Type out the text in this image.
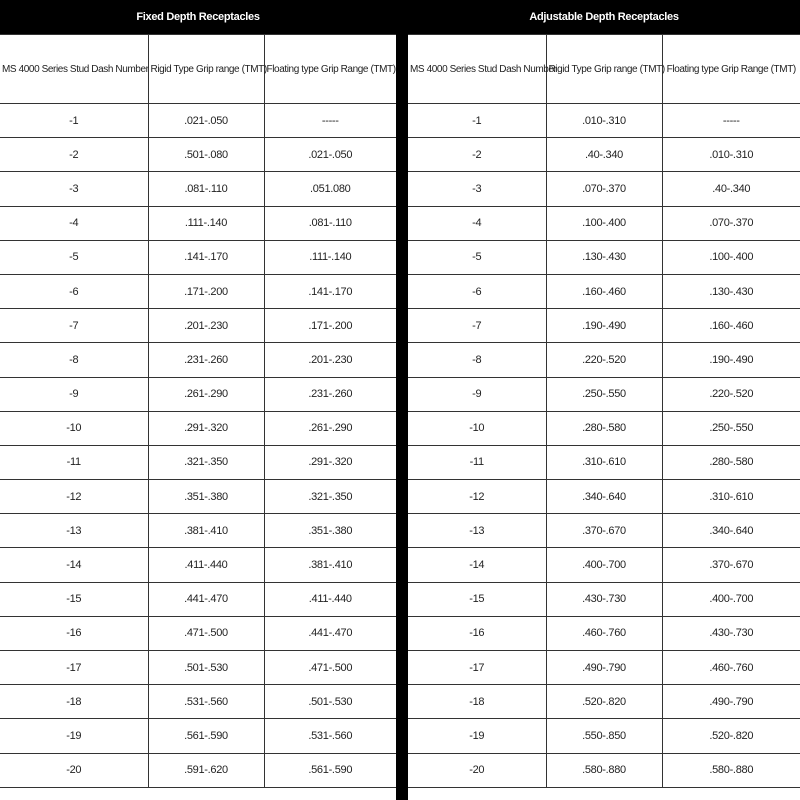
Fixed Depth Receptacles		
MS 4000 Series Stud Dash Number	Rigid Type Grip range (TMT)	Floating type Grip Range (TMT)
-1	.021-.050	-----
-2	.501-.080	.021-.050
-3	.081-.110	.051.080
-4	.111-.140	.081-.110
-5	.141-.170	.111-.140
-6	.171-.200	.141-.170
-7	.201-.230	.171-.200
-8	.231-.260	.201-.230
-9	.261-.290	.231-.260
-10	.291-.320	.261-.290
-11	.321-.350	.291-.320
-12	.351-.380	.321-.350
-13	.381-.410	.351-.380
-14	.411-.440	.381-.410
-15	.441-.470	.411-.440
-16	.471-.500	.441-.470
-17	.501-.530	.471-.500
-18	.531-.560	.501-.530
-19	.561-.590	.531-.560
-20	.591-.620	.561-.590
Adjustable Depth Receptacles		
MS 4000 Series Stud Dash Number	Rigid Type Grip range (TMT)	Floating type Grip Range (TMT)
-1	.010-.310	-----
-2	.40-.340	.010-.310
-3	.070-.370	.40-.340
-4	.100-.400	.070-.370
-5	.130-.430	.100-.400
-6	.160-.460	.130-.430
-7	.190-.490	.160-.460
-8	.220-.520	.190-.490
-9	.250-.550	.220-.520
-10	.280-.580	.250-.550
-11	.310-.610	.280-.580
-12	.340-.640	.310-.610
-13	.370-.670	.340-.640
-14	.400-.700	.370-.670
-15	.430-.730	.400-.700
-16	.460-.760	.430-.730
-17	.490-.790	.460-.760
-18	.520-.820	.490-.790
-19	.550-.850	.520-.820
-20	.580-.880	.580-.880
